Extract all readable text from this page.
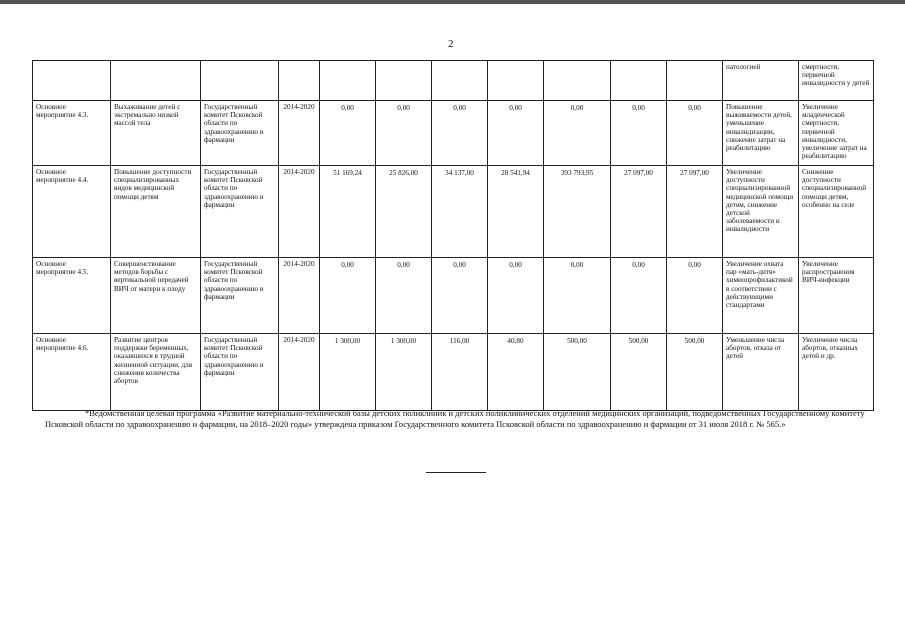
2

											патологией	смертности, первичной инвалидности у детей

Основное мероприятие 4.3.	Выхаживание детей с экстремально низкой массой тела	Государственный комитет Псковской области по здравоохранению и фармации	2014-2020	0,00	0,00	0,00	0,00	0,00	0,00	0,00	Повышение выживаемости детей, уменьшение инвалидизации, снижение затрат на реабилитацию	Увеличение младенческой смертности, первичной инвалидности, увеличение затрат на реабилитацию

Основное мероприятие 4.4.	Повышение доступности специализированных видов медицинской помощи детям	Государственный комитет Псковской области по здравоохранению и фармации	2014-2020	51 169,24	25 826,00	34 137,00	28 541,94	393 793,95	27 097,00	27 097,00	Увеличение доступности специализированной медицинской помощи детям, снижение детской заболеваемости и инвалидности	Снижение доступности специализированной помощи детям, особенно на селе

Основное мероприятие 4.5.	Совершенствование методов борьбы с вертикальной передачей ВИЧ от матери к плоду	Государственный комитет Псковской области по здравоохранению и фармации	2014-2020	0,00	0,00	0,00	0,00	0,00	0,00	0,00	Увеличение охвата пар «мать-дитя» химиопрофилактикой в соответствии с действующими стандартами	Увеличение распространения ВИЧ-инфекции

Основное мероприятие 4.6.	Развитие центров поддержки беременных, оказавшихся в трудной жизненной ситуации, для снижения количества абортов	Государственный комитет Псковской области по здравоохранению и фармации	2014-2020	1 300,00	1 300,00	116,00	40,80	500,00	500,00	500,00	Уменьшение числа абортов, отказа от детей	Увеличение числа абортов, отказных детей и др.
*Ведомственная целевая программа «Развитие материально-технической базы детских поликлиник и детских поликлинических отделений медицинских организаций, подведомственных Государственному комитету Псковской области по здравоохранению и фармации, на 2018–2020 годы» утверждена приказом Государственного комитета Псковской области по здравоохранению и фармации от 31 июля 2018 г. № 565.»
